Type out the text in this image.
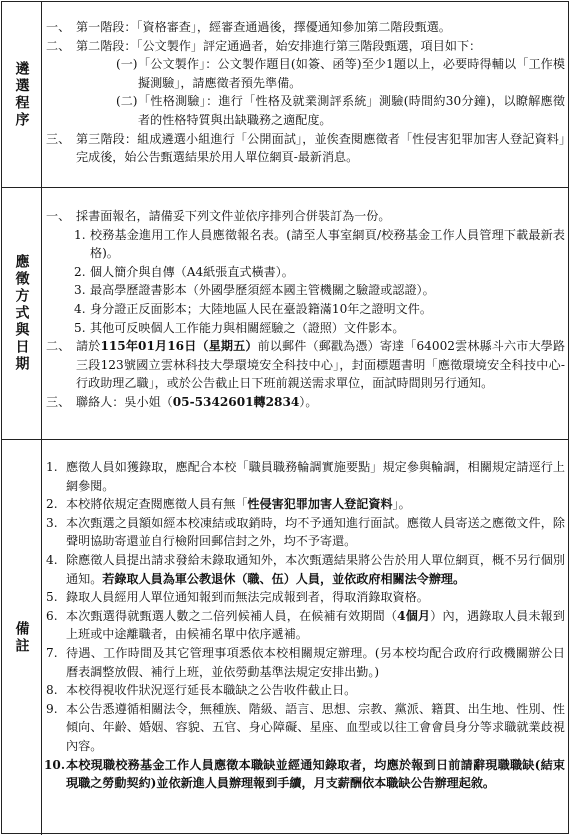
遴選程序
一、 第一階段：「資格審查」，經審查通過後，擇優通知參加第二階段甄選。
二、 第二階段：「公文製作」評定通過者，始安排進行第三階段甄選，項目如下：
(一) 「公文製作」：公文製作題目(如簽、函等)至少1題以上，必要時得輔以「工作模擬測驗」，請應徵者預先準備。
(二) 「性格測驗」：進行「性格及就業測評系統」測驗(時間約30分鐘)，以瞭解應徵者的性格特質與出缺職務之適配度。
三、 第三階段：組成遴選小組進行「公開面試」，並俟查閱應徵者「性侵害犯罪加害人登記資料」完成後，始公告甄選結果於用人單位網頁-最新消息。
應徵方式與日期
一、 採書面報名，請備妥下列文件並依序排列合併裝訂為一份。
1. 校務基金進用工作人員應徵報名表。(請至人事室網頁/校務基金工作人員管理下載最新表格)。
2. 個人簡介與自傳（A4紙張直式橫書）。
3. 最高學歷證書影本（外國學歷須經本國主管機關之驗證或認證）。
4. 身分證正反面影本；大陸地區人民在臺設籍滿10年之證明文件。
5. 其他可反映個人工作能力與相關經驗之（證照）文件影本。
二、 請於115年01月16日（星期五）前以郵件（郵戳為憑）寄達「64002雲林縣斗六市大學路三段123號國立雲林科技大學環境安全科技中心」，封面標題書明「應徵環境安全科技中心-行政助理乙職」，或於公告截止日下班前親送需求單位，面試時間則另行通知。
三、 聯絡人：吳小姐（05-5342601轉2834）。
備註
1. 應徵人員如獲錄取，應配合本校「職員職務輪調實施要點」規定參與輪調，相關規定請逕行上網參閱。
2. 本校將依規定查閱應徵人員有無「性侵害犯罪加害人登記資料」。
3. 本次甄選之員額如經本校凍結或取銷時，均不予通知進行面試。應徵人員寄送之應徵文件，除聲明協助寄還並自行檢附回郵信封之外，均不予寄還。
4. 除應徵人員提出請求發給未錄取通知外，本次甄選結果將公告於用人單位網頁，概不另行個別通知。若錄取人員為軍公教退休（職、伍）人員，並依政府相關法令辦理。
5. 錄取人員經用人單位通知報到而無法完成報到者，得取消錄取資格。
6. 本次甄選得就甄選人數之二倍列候補人員，在候補有效期間（4個月）內，遇錄取人員未報到上班或中途離職者，由候補名單中依序遞補。
7. 待遇、工作時間及其它管理事項悉依本校相關規定辦理。(另本校均配合政府行政機關辦公日曆表調整放假、補行上班，並依勞動基準法規定安排出勤。)
8. 本校得視收件狀況逕行延長本職缺之公告收件截止日。
9. 本公告悉遵循相關法令，無種族、階級、語言、思想、宗教、黨派、籍貫、出生地、性別、性傾向、年齡、婚姻、容貌、五官、身心障礙、星座、血型或以往工會會員身分等求職就業歧視內容。
10. 本校現職校務基金工作人員應徵本職缺並經通知錄取者，均應於報到日前請辭現職職缺(結束現職之勞動契約)並依新進人員辦理報到手續，月支薪酬依本職缺公告辦理起敘。
